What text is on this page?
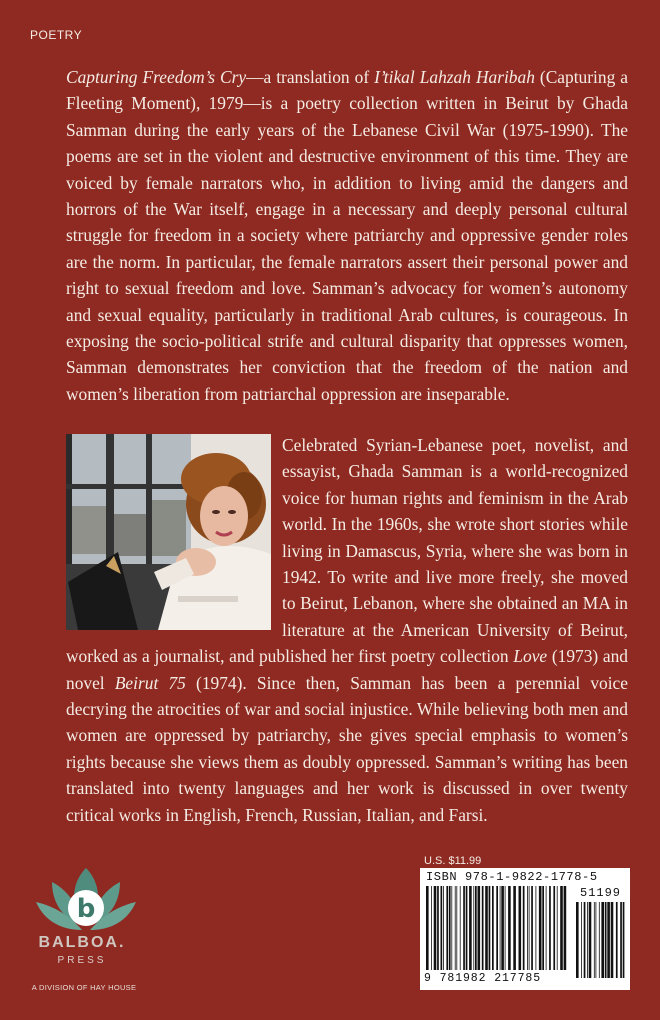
POETRY

Capturing Freedom’s Cry—a translation of I’tikal Lahzah Haribah (Capturing a Fleeting Moment), 1979—is a poetry collection written in Beirut by Ghada Samman during the early years of the Lebanese Civil War (1975-1990). The poems are set in the violent and destructive environment of this time. They are voiced by female narrators who, in addition to living amid the dangers and horrors of the War itself, engage in a necessary and deeply personal cultural struggle for freedom in a society where patriarchy and oppressive gender roles are the norm. In particular, the female narrators assert their personal power and right to sexual freedom and love. Samman’s advocacy for women’s autonomy and sexual equality, particularly in traditional Arab cultures, is courageous. In exposing the socio-political strife and cultural disparity that oppresses women, Samman demonstrates her conviction that the freedom of the nation and women’s liberation from patriarchal oppression are inseparable.

Celebrated Syrian-Lebanese poet, novelist, and essayist, Ghada Samman is a world-recognized voice for human rights and feminism in the Arab world. In the 1960s, she wrote short stories while living in Damascus, Syria, where she was born in 1942. To write and live more freely, she moved to Beirut, Lebanon, where she obtained an MA in literature at the American University of Beirut, worked as a journalist, and published her first poetry collection Love (1973) and novel Beirut 75 (1974). Since then, Samman has been a perennial voice decrying the atrocities of war and social injustice. While believing both men and women are oppressed by patriarchy, she gives special emphasis to women’s rights because she views them as doubly oppressed. Samman’s writing has been translated into twenty languages and her work is discussed in over twenty critical works in English, French, Russian, Italian, and Farsi.

b
BALBOA.
PRESS
A DIVISION OF HAY HOUSE
U.S. $11.99
ISBN 978-1-9822-1778-5
51199
9 781982 217785
